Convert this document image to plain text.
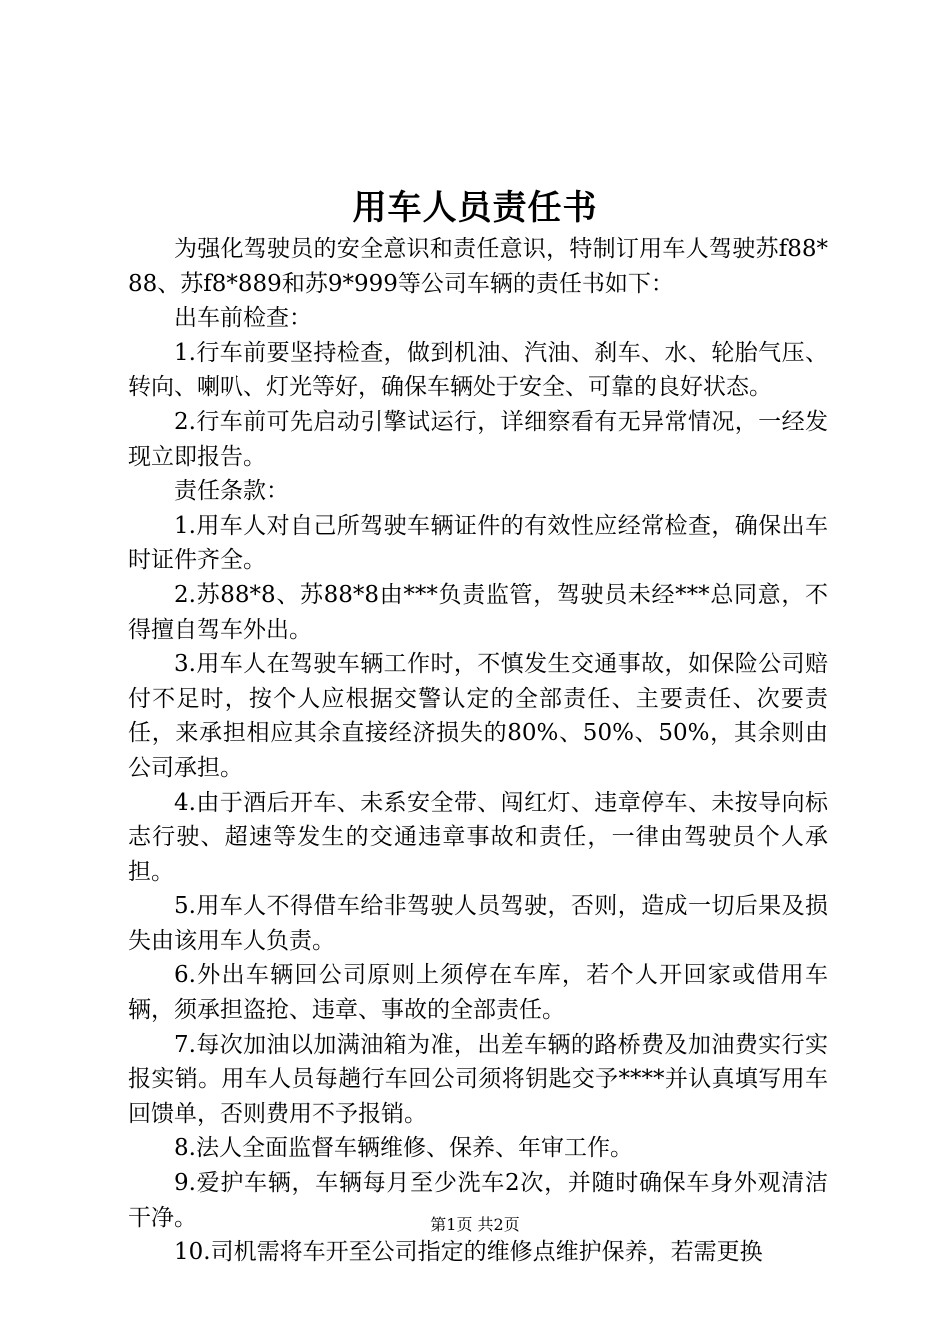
用车人员责任书

为强化驾驶员的安全意识和责任意识，特制订用车人驾驶苏f88*88、苏f8*889和苏9*999等公司车辆的责任书如下：

出车前检查：

1.行车前要坚持检查，做到机油、汽油、刹车、水、轮胎气压、转向、喇叭、灯光等好，确保车辆处于安全、可靠的良好状态。

2.行车前可先启动引擎试运行，详细察看有无异常情况，一经发现立即报告。

责任条款：

1.用车人对自己所驾驶车辆证件的有效性应经常检查，确保出车时证件齐全。

2.苏88*8、苏88*8由***负责监管，驾驶员未经***总同意，不得擅自驾车外出。

3.用车人在驾驶车辆工作时，不慎发生交通事故，如保险公司赔付不足时，按个人应根据交警认定的全部责任、主要责任、次要责任，来承担相应其余直接经济损失的80%、50%、50%，其余则由公司承担。

4.由于酒后开车、未系安全带、闯红灯、违章停车、未按导向标志行驶、超速等发生的交通违章事故和责任，一律由驾驶员个人承担。

5.用车人不得借车给非驾驶人员驾驶，否则，造成一切后果及损失由该用车人负责。

6.外出车辆回公司原则上须停在车库，若个人开回家或借用车辆，须承担盗抢、违章、事故的全部责任。

7.每次加油以加满油箱为准，出差车辆的路桥费及加油费实行实报实销。用车人员每趟行车回公司须将钥匙交予****并认真填写用车回馈单，否则费用不予报销。

8.法人全面监督车辆维修、保养、年审工作。

9.爱护车辆，车辆每月至少洗车2次，并随时确保车身外观清洁干净。

10.司机需将车开至公司指定的维修点维护保养，若需更换

第1页 共2页
